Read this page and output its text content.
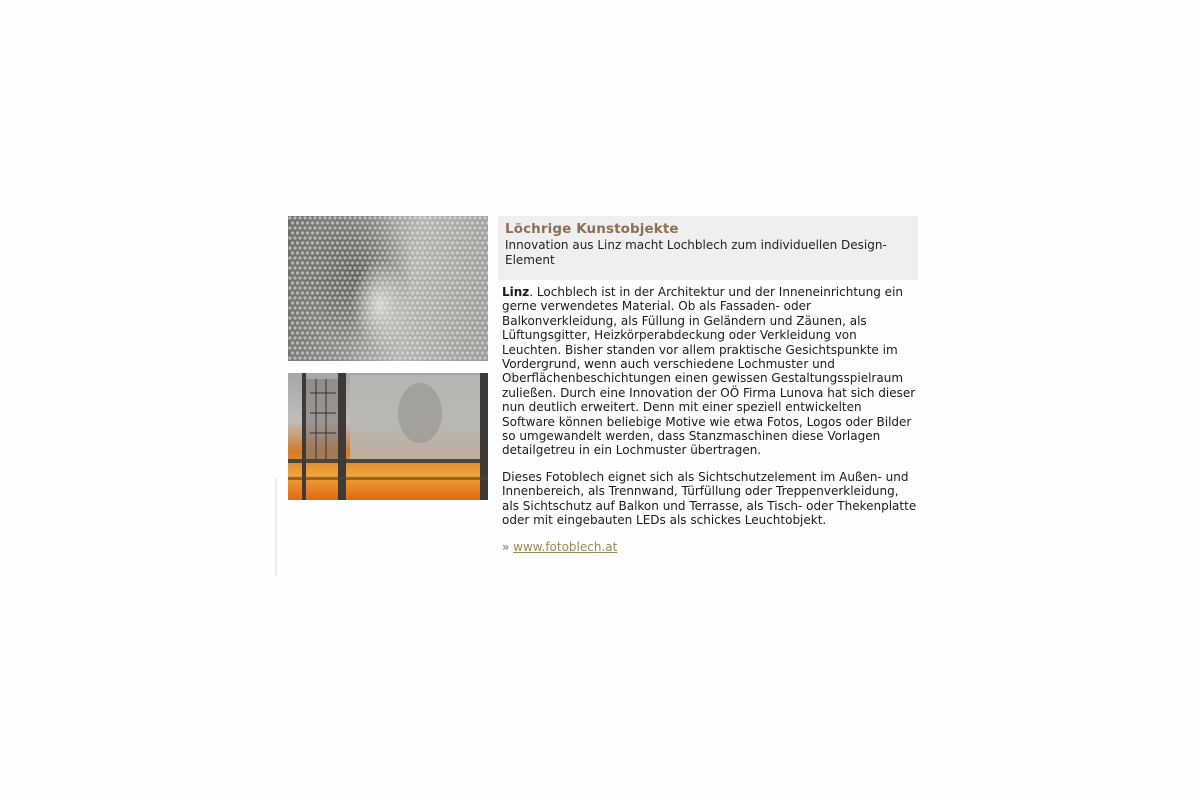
Löchrige Kunstobjekte

Innovation aus Linz macht Lochblech zum individuellen Design-Element

Linz. Lochblech ist in der Architektur und der Inneneinrichtung ein gerne verwendetes Material. Ob als Fassaden- oder Balkonverkleidung, als Füllung in Geländern und Zäunen, als Lüftungsgitter, Heizkörperabdeckung oder Verkleidung von Leuchten. Bisher standen vor allem praktische Gesichtspunkte im Vordergrund, wenn auch verschiedene Lochmuster und Oberflächenbeschichtungen einen gewissen Gestaltungsspielraum zuließen. Durch eine Innovation der OÖ Firma Lunova hat sich dieser nun deutlich erweitert. Denn mit einer speziell entwickelten Software können beliebige Motive wie etwa Fotos, Logos oder Bilder so umgewandelt werden, dass Stanzmaschinen diese Vorlagen detailgetreu in ein Lochmuster übertragen.

Dieses Fotoblech eignet sich als Sichtschutzelement im Außen- und Innenbereich, als Trennwand, Türfüllung oder Treppenverkleidung, als Sichtschutz auf Balkon und Terrasse, als Tisch- oder Thekenplatte oder mit eingebauten LEDs als schickes Leuchtobjekt.

» www.fotoblech.at
